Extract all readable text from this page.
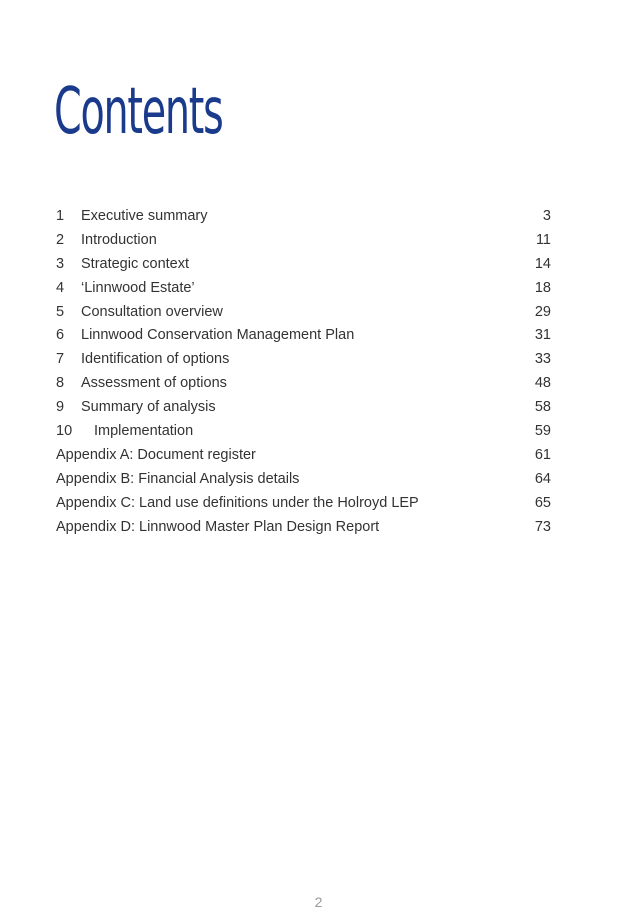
Contents
1	Executive summary	3
2	Introduction	11
3	Strategic context	14
4	‘Linnwood Estate’	18
5	Consultation overview	29
6	Linnwood Conservation Management Plan	31
7	Identification of options	33
8	Assessment of options	48
9	Summary of analysis	58
10	Implementation	59
Appendix A: Document register	61
Appendix B: Financial Analysis details	64
Appendix C: Land use definitions under the Holroyd LEP	65
Appendix D: Linnwood Master Plan Design Report	73
2
